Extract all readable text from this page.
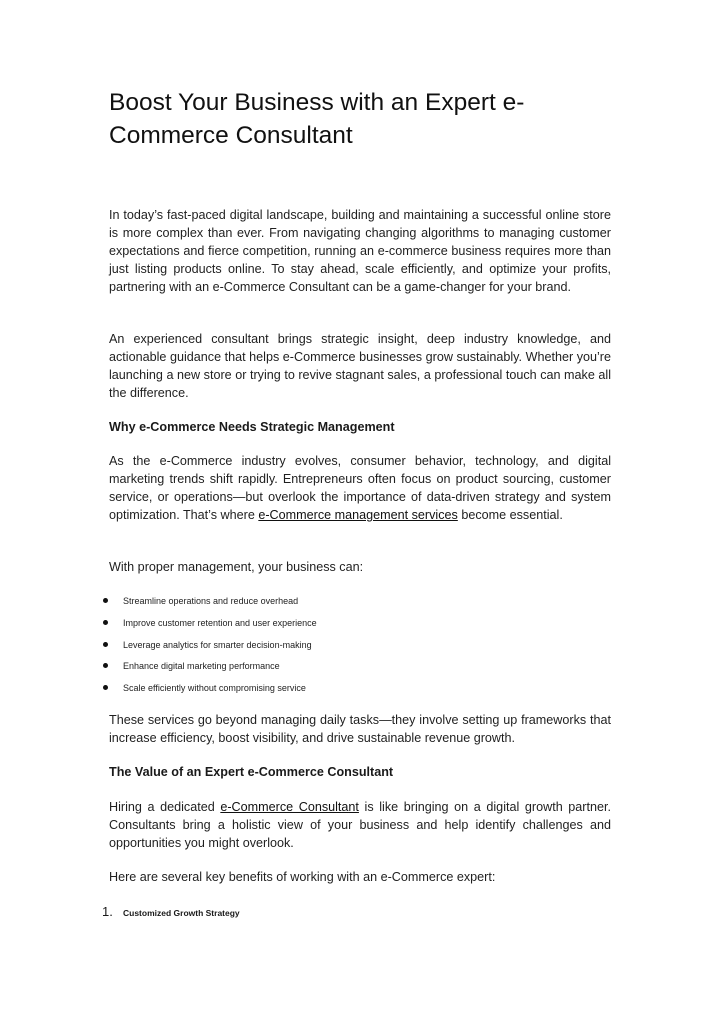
Boost Your Business with an Expert e-
Commerce Consultant

In today’s fast-paced digital landscape, building and maintaining a successful online store is more complex than ever. From navigating changing algorithms to managing customer expectations and fierce competition, running an e-commerce business requires more than just listing products online. To stay ahead, scale efficiently, and optimize your profits, partnering with an e-Commerce Consultant can be a game-changer for your brand.

An experienced consultant brings strategic insight, deep industry knowledge, and actionable guidance that helps e-Commerce businesses grow sustainably. Whether you’re launching a new store or trying to revive stagnant sales, a professional touch can make all the difference.

Why e-Commerce Needs Strategic Management

As the e-Commerce industry evolves, consumer behavior, technology, and digital marketing trends shift rapidly. Entrepreneurs often focus on product sourcing, customer service, or operations—but overlook the importance of data-driven strategy and system optimization. That’s where e-Commerce management services become essential.

With proper management, your business can:

Streamline operations and reduce overhead
Improve customer retention and user experience
Leverage analytics for smarter decision-making
Enhance digital marketing performance
Scale efficiently without compromising service

These services go beyond managing daily tasks—they involve setting up frameworks that increase efficiency, boost visibility, and drive sustainable revenue growth.

The Value of an Expert e-Commerce Consultant

Hiring a dedicated e-Commerce Consultant is like bringing on a digital growth partner. Consultants bring a holistic view of your business and help identify challenges and opportunities you might overlook.

Here are several key benefits of working with an e-Commerce expert:

1. Customized Growth Strategy
